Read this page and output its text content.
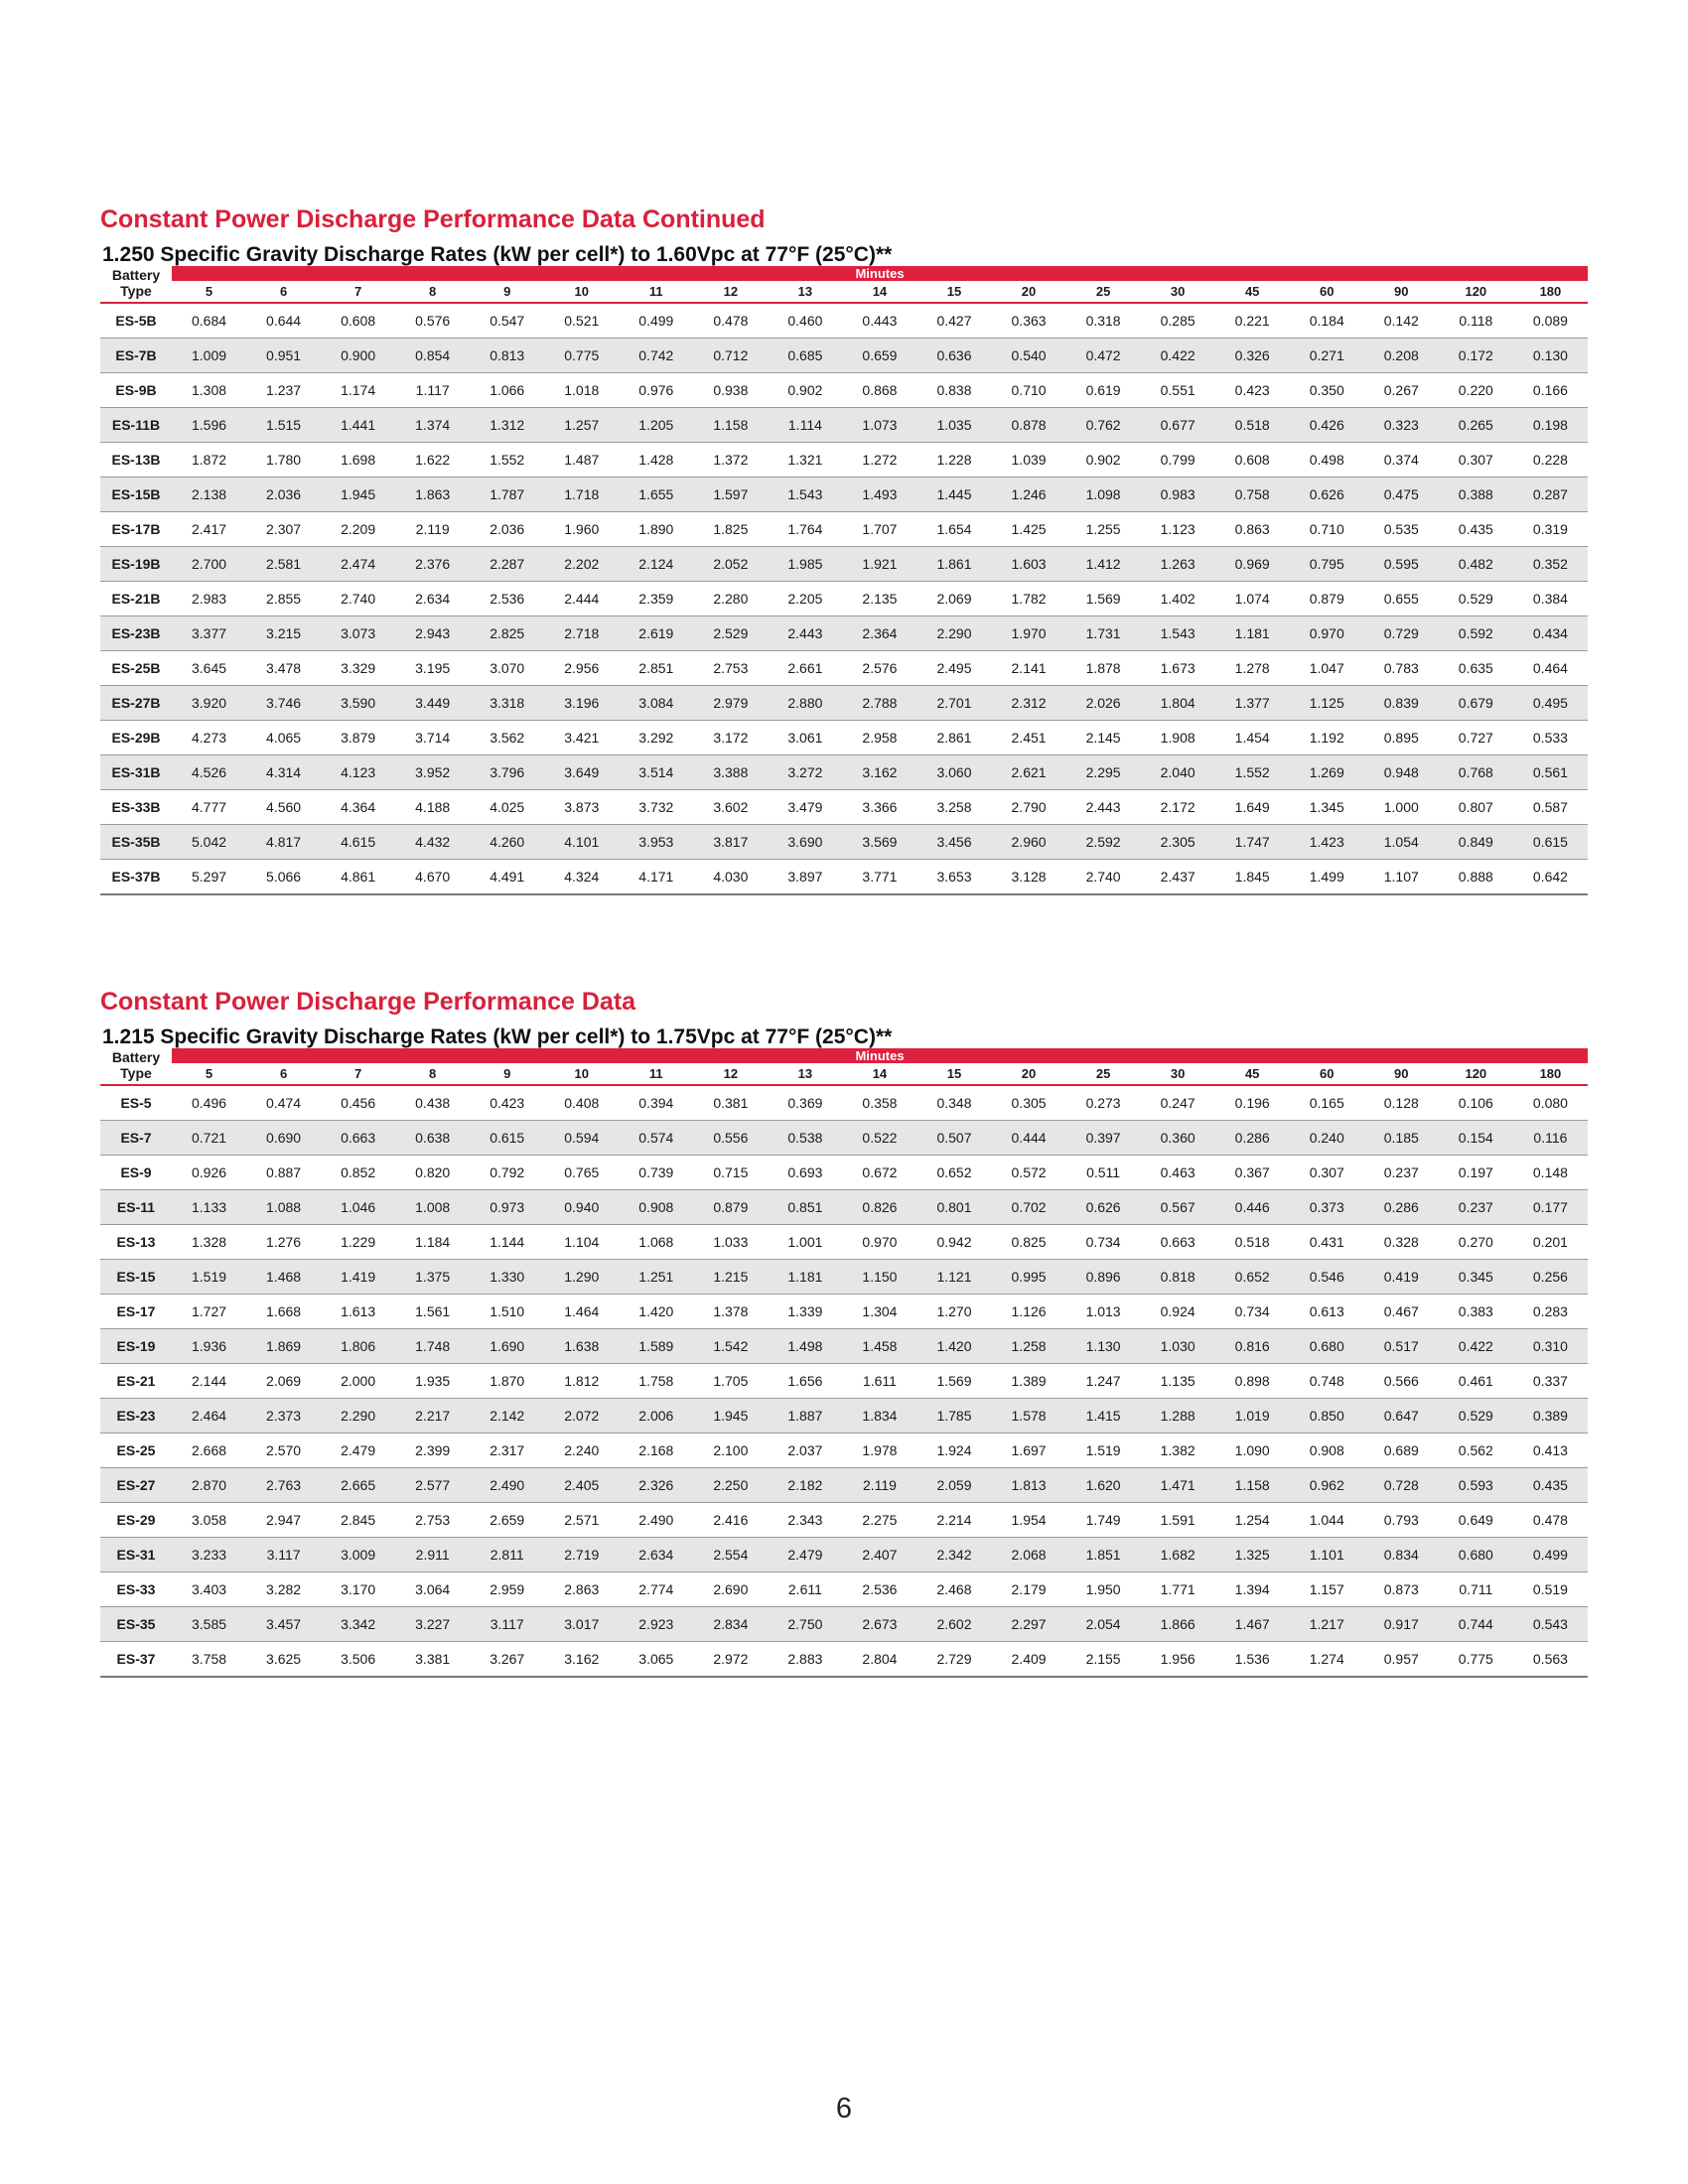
Constant Power Discharge Performance Data Continued
1.250 Specific Gravity Discharge Rates (kW per cell*) to 1.60Vpc at 77°F (25°C)**
Battery
Type	Minutes																		
	5	6	7	8	9	10	11	12	13	14	15	20	25	30	45	60	90	120	180
ES-5B	0.684	0.644	0.608	0.576	0.547	0.521	0.499	0.478	0.460	0.443	0.427	0.363	0.318	0.285	0.221	0.184	0.142	0.118	0.089
ES-7B	1.009	0.951	0.900	0.854	0.813	0.775	0.742	0.712	0.685	0.659	0.636	0.540	0.472	0.422	0.326	0.271	0.208	0.172	0.130
ES-9B	1.308	1.237	1.174	1.117	1.066	1.018	0.976	0.938	0.902	0.868	0.838	0.710	0.619	0.551	0.423	0.350	0.267	0.220	0.166
ES-11B	1.596	1.515	1.441	1.374	1.312	1.257	1.205	1.158	1.114	1.073	1.035	0.878	0.762	0.677	0.518	0.426	0.323	0.265	0.198
ES-13B	1.872	1.780	1.698	1.622	1.552	1.487	1.428	1.372	1.321	1.272	1.228	1.039	0.902	0.799	0.608	0.498	0.374	0.307	0.228
ES-15B	2.138	2.036	1.945	1.863	1.787	1.718	1.655	1.597	1.543	1.493	1.445	1.246	1.098	0.983	0.758	0.626	0.475	0.388	0.287
ES-17B	2.417	2.307	2.209	2.119	2.036	1.960	1.890	1.825	1.764	1.707	1.654	1.425	1.255	1.123	0.863	0.710	0.535	0.435	0.319
ES-19B	2.700	2.581	2.474	2.376	2.287	2.202	2.124	2.052	1.985	1.921	1.861	1.603	1.412	1.263	0.969	0.795	0.595	0.482	0.352
ES-21B	2.983	2.855	2.740	2.634	2.536	2.444	2.359	2.280	2.205	2.135	2.069	1.782	1.569	1.402	1.074	0.879	0.655	0.529	0.384
ES-23B	3.377	3.215	3.073	2.943	2.825	2.718	2.619	2.529	2.443	2.364	2.290	1.970	1.731	1.543	1.181	0.970	0.729	0.592	0.434
ES-25B	3.645	3.478	3.329	3.195	3.070	2.956	2.851	2.753	2.661	2.576	2.495	2.141	1.878	1.673	1.278	1.047	0.783	0.635	0.464
ES-27B	3.920	3.746	3.590	3.449	3.318	3.196	3.084	2.979	2.880	2.788	2.701	2.312	2.026	1.804	1.377	1.125	0.839	0.679	0.495
ES-29B	4.273	4.065	3.879	3.714	3.562	3.421	3.292	3.172	3.061	2.958	2.861	2.451	2.145	1.908	1.454	1.192	0.895	0.727	0.533
ES-31B	4.526	4.314	4.123	3.952	3.796	3.649	3.514	3.388	3.272	3.162	3.060	2.621	2.295	2.040	1.552	1.269	0.948	0.768	0.561
ES-33B	4.777	4.560	4.364	4.188	4.025	3.873	3.732	3.602	3.479	3.366	3.258	2.790	2.443	2.172	1.649	1.345	1.000	0.807	0.587
ES-35B	5.042	4.817	4.615	4.432	4.260	4.101	3.953	3.817	3.690	3.569	3.456	2.960	2.592	2.305	1.747	1.423	1.054	0.849	0.615
ES-37B	5.297	5.066	4.861	4.670	4.491	4.324	4.171	4.030	3.897	3.771	3.653	3.128	2.740	2.437	1.845	1.499	1.107	0.888	0.642
Constant Power Discharge Performance Data
1.215 Specific Gravity Discharge Rates (kW per cell*) to 1.75Vpc at 77°F (25°C)**
Battery
Type	Minutes																		
	5	6	7	8	9	10	11	12	13	14	15	20	25	30	45	60	90	120	180
ES-5	0.496	0.474	0.456	0.438	0.423	0.408	0.394	0.381	0.369	0.358	0.348	0.305	0.273	0.247	0.196	0.165	0.128	0.106	0.080
ES-7	0.721	0.690	0.663	0.638	0.615	0.594	0.574	0.556	0.538	0.522	0.507	0.444	0.397	0.360	0.286	0.240	0.185	0.154	0.116
ES-9	0.926	0.887	0.852	0.820	0.792	0.765	0.739	0.715	0.693	0.672	0.652	0.572	0.511	0.463	0.367	0.307	0.237	0.197	0.148
ES-11	1.133	1.088	1.046	1.008	0.973	0.940	0.908	0.879	0.851	0.826	0.801	0.702	0.626	0.567	0.446	0.373	0.286	0.237	0.177
ES-13	1.328	1.276	1.229	1.184	1.144	1.104	1.068	1.033	1.001	0.970	0.942	0.825	0.734	0.663	0.518	0.431	0.328	0.270	0.201
ES-15	1.519	1.468	1.419	1.375	1.330	1.290	1.251	1.215	1.181	1.150	1.121	0.995	0.896	0.818	0.652	0.546	0.419	0.345	0.256
ES-17	1.727	1.668	1.613	1.561	1.510	1.464	1.420	1.378	1.339	1.304	1.270	1.126	1.013	0.924	0.734	0.613	0.467	0.383	0.283
ES-19	1.936	1.869	1.806	1.748	1.690	1.638	1.589	1.542	1.498	1.458	1.420	1.258	1.130	1.030	0.816	0.680	0.517	0.422	0.310
ES-21	2.144	2.069	2.000	1.935	1.870	1.812	1.758	1.705	1.656	1.611	1.569	1.389	1.247	1.135	0.898	0.748	0.566	0.461	0.337
ES-23	2.464	2.373	2.290	2.217	2.142	2.072	2.006	1.945	1.887	1.834	1.785	1.578	1.415	1.288	1.019	0.850	0.647	0.529	0.389
ES-25	2.668	2.570	2.479	2.399	2.317	2.240	2.168	2.100	2.037	1.978	1.924	1.697	1.519	1.382	1.090	0.908	0.689	0.562	0.413
ES-27	2.870	2.763	2.665	2.577	2.490	2.405	2.326	2.250	2.182	2.119	2.059	1.813	1.620	1.471	1.158	0.962	0.728	0.593	0.435
ES-29	3.058	2.947	2.845	2.753	2.659	2.571	2.490	2.416	2.343	2.275	2.214	1.954	1.749	1.591	1.254	1.044	0.793	0.649	0.478
ES-31	3.233	3.117	3.009	2.911	2.811	2.719	2.634	2.554	2.479	2.407	2.342	2.068	1.851	1.682	1.325	1.101	0.834	0.680	0.499
ES-33	3.403	3.282	3.170	3.064	2.959	2.863	2.774	2.690	2.611	2.536	2.468	2.179	1.950	1.771	1.394	1.157	0.873	0.711	0.519
ES-35	3.585	3.457	3.342	3.227	3.117	3.017	2.923	2.834	2.750	2.673	2.602	2.297	2.054	1.866	1.467	1.217	0.917	0.744	0.543
ES-37	3.758	3.625	3.506	3.381	3.267	3.162	3.065	2.972	2.883	2.804	2.729	2.409	2.155	1.956	1.536	1.274	0.957	0.775	0.563
6
